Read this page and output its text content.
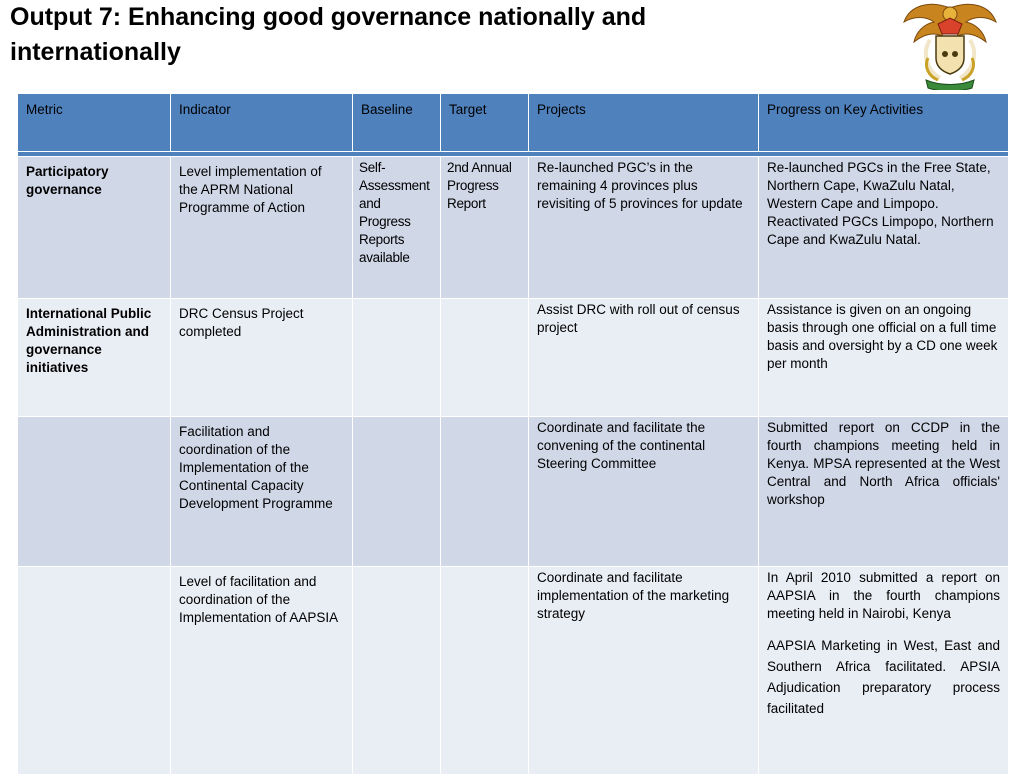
Output 7: Enhancing good governance nationally and internationally
Metric	Indicator	Baseline	Target	Projects	Progress on Key Activities

Participatory governance	Level implementation of the APRM National Programme of Action	Self-Assessment and Progress Reports available	2nd Annual Progress Report	Re-launched PGC’s in the remaining 4 provinces plus revisiting of 5 provinces for update	Re-launched PGCs in the Free State, Northern Cape, KwaZulu Natal, Western Cape and Limpopo. Reactivated PGCs Limpopo, Northern Cape and KwaZulu Natal.
International Public Administration and governance initiatives	DRC Census Project completed			Assist DRC with roll out of census project	Assistance is given on an ongoing basis through one official on a full time basis and oversight by a CD one week per month
	Facilitation and coordination of the Implementation of the Continental Capacity Development Programme			Coordinate and facilitate the convening of the continental Steering Committee	Submitted report on CCDP in the fourth champions meeting held in Kenya. MPSA represented at the West Central and North Africa officials' workshop
	Level of facilitation and coordination of the Implementation of AAPSIA			Coordinate and facilitate implementation of the marketing strategy	In April 2010 submitted a report on AAPSIA in the fourth champions meeting held in Nairobi, Kenya
AAPSIA Marketing in West, East and Southern Africa facilitated. APSIA Adjudication preparatory process facilitated
